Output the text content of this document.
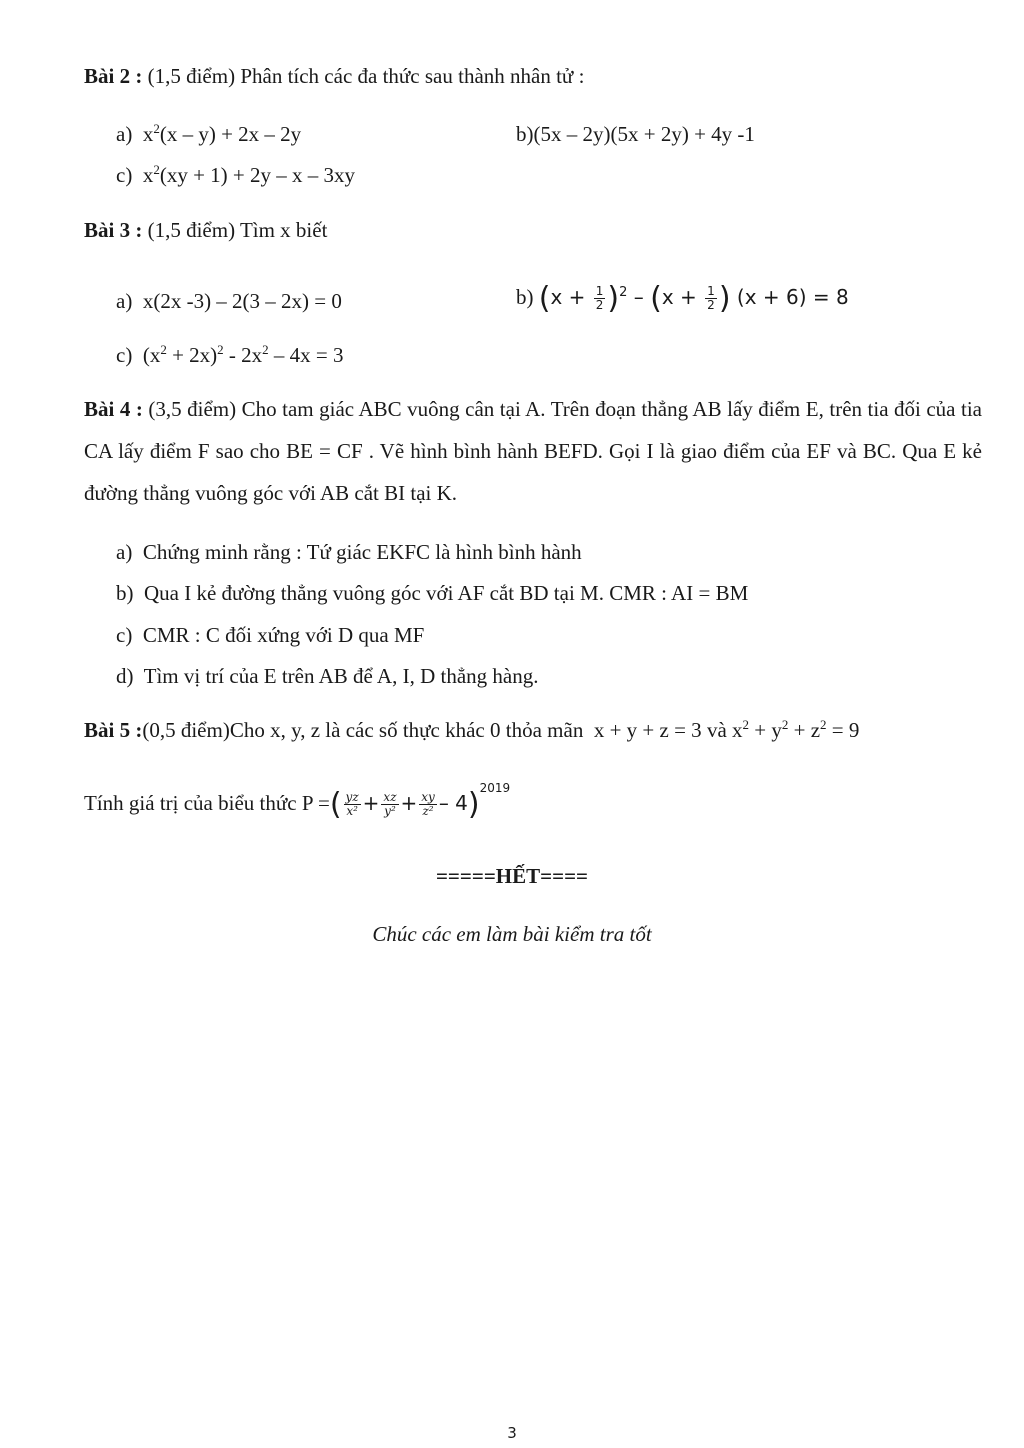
Bài 2 : (1,5 điểm) Phân tích các đa thức sau thành nhân tử :
a) $x^2(x - y) + 2x - 2y$	b)(5x – 2y)(5x + 2y) + 4y -1
c) $x^2(xy + 1) + 2y - x - 3xy$
Bài 3 : (1,5 điểm) Tìm x biết
a) x(2x -3) – 2(3 – 2x) = 0	b) $(x + \frac{1}{2} )^2 - (x + \frac{1}{2}$ ) (x + 6) = 8
c) $(x^2 + 2x)^2 - 2x^2 - 4x = 3$
Bài 4 : (3,5 điểm) Cho tam giác ABC vuông cân tại A. Trên đoạn thẳng AB lấy điểm E, trên tia đối của tia CA lấy điểm F sao cho BE = CF . Vẽ hình bình hành BEFD. Gọi I là giao điểm của EF và BC. Qua E kẻ đường thẳng vuông góc với AB cắt BI tại K.
a) Chứng minh rằng : Tứ giác EKFC là hình bình hành
b) Qua I kẻ đường thẳng vuông góc với AF cắt BD tại M. CMR : AI = BM
c) CMR : C đối xứng với D qua MF
d) Tìm vị trí của E trên AB để A, I, D thẳng hàng.
Bài 5 :(0,5 điểm)Cho x, y, z là các số thực khác 0 thỏa mãn x + y + z = 3 và $x^2 + y^2 + z^2 = 9$
Tính giá trị của biểu thức P =( $\frac{yz}{\text{x²}} + \frac{xz}{\text{y²}} + \frac{xy}{\text{z²}} - 4)^{2019}$
=====HẾT====
Chúc các em làm bài kiểm tra tốt
3
